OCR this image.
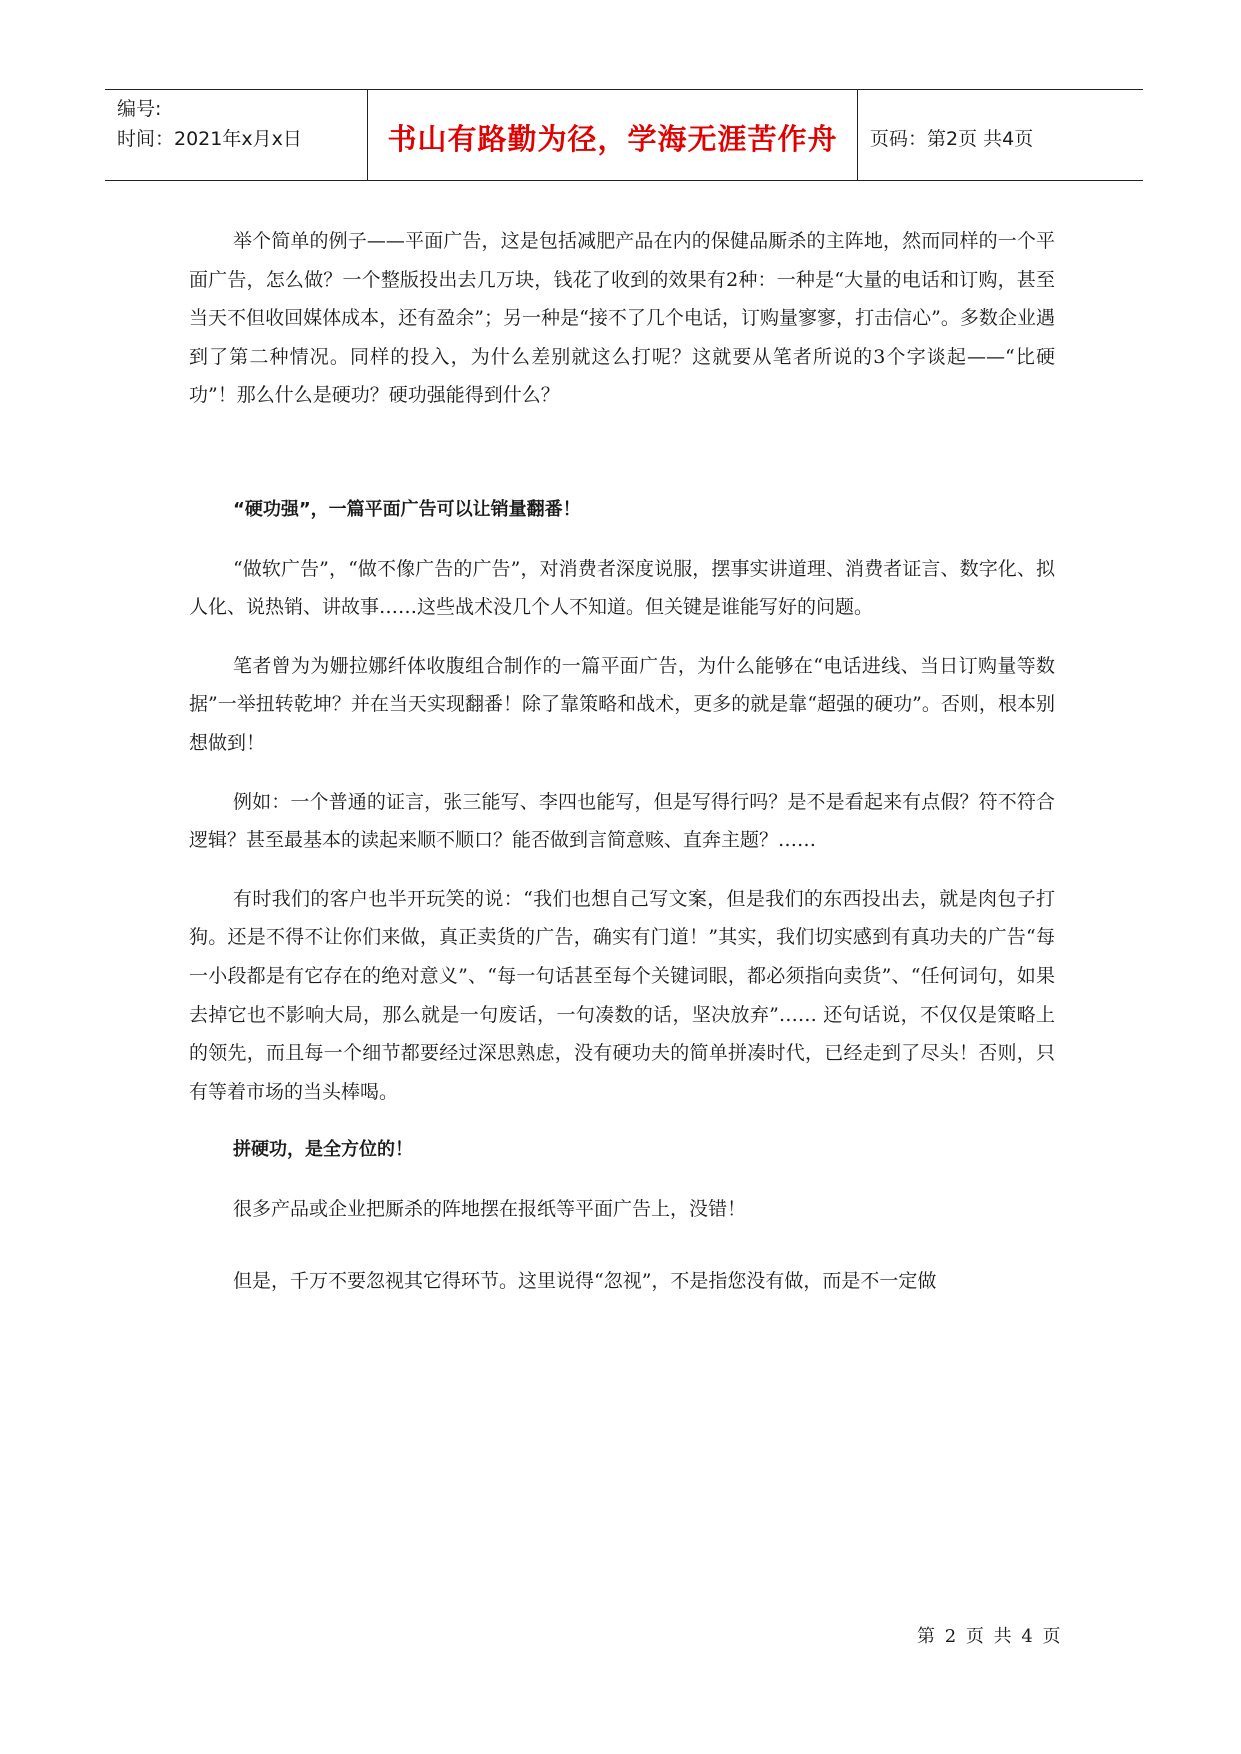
编号:
时间：2021年x月x日	书山有路勤为径，学海无涯苦作舟	页码：第2页 共4页

举个简单的例子——平面广告，这是包括减肥产品在内的保健品厮杀的主阵地，然而同样的一个平面广告，怎么做？一个整版投出去几万块，钱花了收到的效果有2种：一种是“大量的电话和订购，甚至当天不但收回媒体成本，还有盈余”；另一种是“接不了几个电话，订购量寥寥，打击信心”。多数企业遇到了第二种情况。同样的投入，为什么差别就这么打呢？这就要从笔者所说的3个字谈起——“比硬功”！那么什么是硬功？硬功强能得到什么？

“硬功强”，一篇平面广告可以让销量翻番！

“做软广告”，“做不像广告的广告”，对消费者深度说服，摆事实讲道理、消费者证言、数字化、拟人化、说热销、讲故事……这些战术没几个人不知道。但关键是谁能写好的问题。

笔者曾为为姗拉娜纤体收腹组合制作的一篇平面广告，为什么能够在“电话进线、当日订购量等数据”一举扭转乾坤？并在当天实现翻番！除了靠策略和战术，更多的就是靠“超强的硬功”。否则，根本别想做到！

例如：一个普通的证言，张三能写、李四也能写，但是写得行吗？是不是看起来有点假？符不符合逻辑？甚至最基本的读起来顺不顺口？能否做到言简意赅、直奔主题？……

有时我们的客户也半开玩笑的说：“我们也想自己写文案，但是我们的东西投出去，就是肉包子打狗。还是不得不让你们来做，真正卖货的广告，确实有门道！”其实，我们切实感到有真功夫的广告“每一小段都是有它存在的绝对意义”、“每一句话甚至每个关键词眼，都必须指向卖货”、“任何词句，如果去掉它也不影响大局，那么就是一句废话，一句凑数的话，坚决放弃”…… 还句话说，不仅仅是策略上的领先，而且每一个细节都要经过深思熟虑，没有硬功夫的简单拼凑时代，已经走到了尽头！否则，只有等着市场的当头棒喝。

拼硬功，是全方位的！

很多产品或企业把厮杀的阵地摆在报纸等平面广告上，没错！

但是，千万不要忽视其它得环节。这里说得“忽视”，不是指您没有做，而是不一定做

第 2 页 共 4 页
